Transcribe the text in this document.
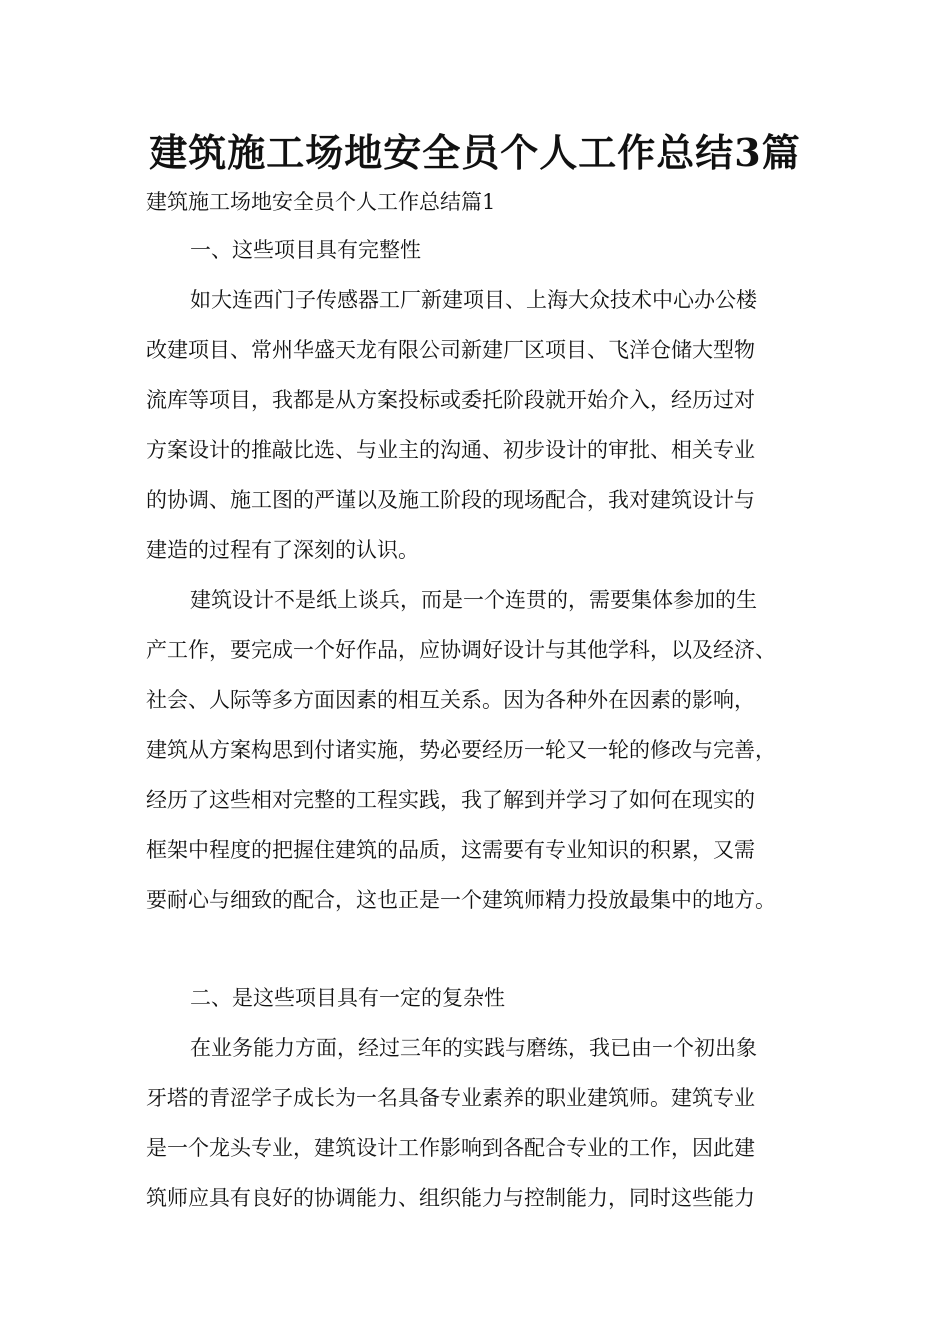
建筑施工场地安全员个人工作总结3篇
建筑施工场地安全员个人工作总结篇1
一、这些项目具有完整性
如大连西门子传感器工厂新建项目、上海大众技术中心办公楼
改建项目、常州华盛天龙有限公司新建厂区项目、飞洋仓储大型物
流库等项目，我都是从方案投标或委托阶段就开始介入，经历过对
方案设计的推敲比选、与业主的沟通、初步设计的审批、相关专业
的协调、施工图的严谨以及施工阶段的现场配合，我对建筑设计与
建造的过程有了深刻的认识。
建筑设计不是纸上谈兵，而是一个连贯的，需要集体参加的生
产工作，要完成一个好作品，应协调好设计与其他学科，以及经济、
社会、人际等多方面因素的相互关系。因为各种外在因素的影响，
建筑从方案构思到付诸实施，势必要经历一轮又一轮的修改与完善，
经历了这些相对完整的工程实践，我了解到并学习了如何在现实的
框架中程度的把握住建筑的品质，这需要有专业知识的积累，又需
要耐心与细致的配合，这也正是一个建筑师精力投放最集中的地方。
二、是这些项目具有一定的复杂性
在业务能力方面，经过三年的实践与磨练，我已由一个初出象
牙塔的青涩学子成长为一名具备专业素养的职业建筑师。建筑专业
是一个龙头专业，建筑设计工作影响到各配合专业的工作，因此建
筑师应具有良好的协调能力、组织能力与控制能力，同时这些能力
